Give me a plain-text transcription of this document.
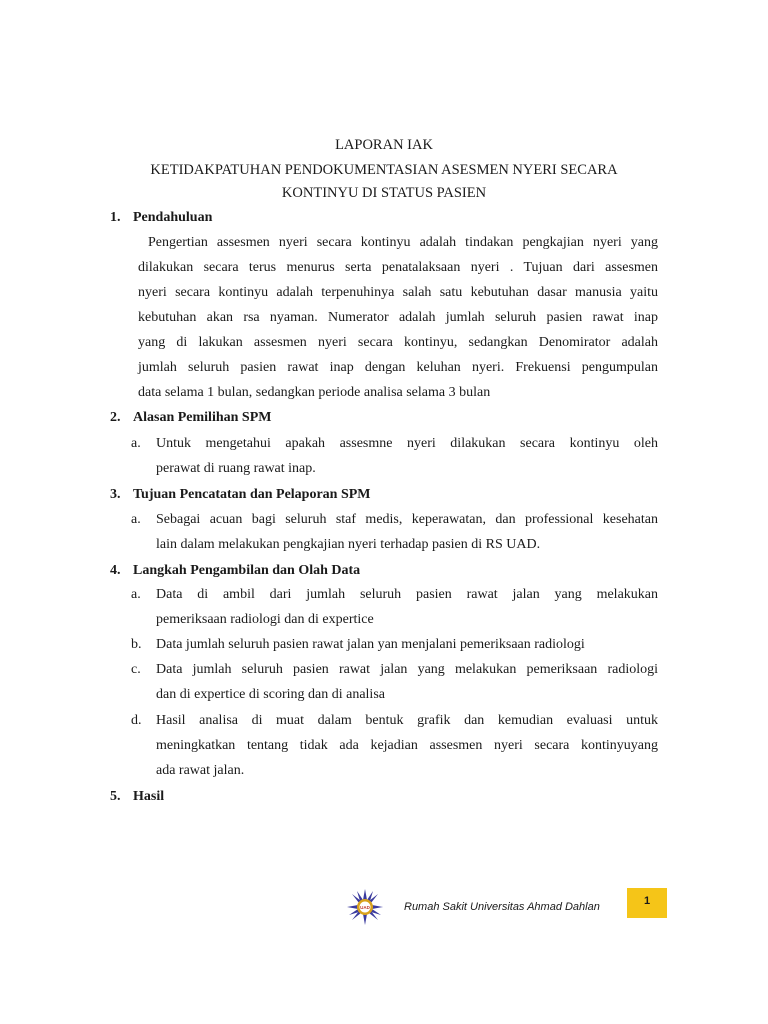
LAPORAN IAK
KETIDAKPATUHAN PENDOKUMENTASIAN ASESMEN NYERI SECARA
KONTINYU DI STATUS PASIEN
1. Pendahuluan
Pengertian assesmen nyeri secara kontinyu adalah tindakan pengkajian nyeri yang
dilakukan secara terus menurus serta penatalaksaan nyeri . Tujuan dari assesmen
nyeri secara kontinyu adalah terpenuhinya salah satu kebutuhan dasar manusia yaitu
kebutuhan akan rsa nyaman. Numerator adalah jumlah seluruh pasien rawat inap
yang di lakukan assesmen nyeri secara kontinyu, sedangkan Denomirator adalah
jumlah seluruh pasien rawat inap dengan keluhan nyeri. Frekuensi pengumpulan
data selama 1 bulan, sedangkan periode analisa selama 3 bulan
2. Alasan Pemilihan SPM
a. Untuk mengetahui apakah assesmne nyeri dilakukan secara kontinyu oleh
perawat di ruang rawat inap.
3. Tujuan Pencatatan dan Pelaporan SPM
a. Sebagai acuan bagi seluruh staf medis, keperawatan, dan professional kesehatan
lain dalam melakukan pengkajian nyeri terhadap pasien di RS UAD.
4. Langkah Pengambilan dan Olah Data
a. Data di ambil dari jumlah seluruh pasien rawat jalan yang melakukan
pemeriksaan radiologi dan di expertice
b. Data jumlah seluruh pasien rawat jalan yan menjalani pemeriksaan radiologi
c. Data jumlah seluruh pasien rawat jalan yang melakukan pemeriksaan radiologi
dan di expertice di scoring dan di analisa
d. Hasil analisa di muat dalam bentuk grafik dan kemudian evaluasi untuk
meningkatkan tentang tidak ada kejadian assesmen nyeri secara kontinyuyang
ada rawat jalan.
5. Hasil
UAD	Rumah Sakit Universitas Ahmad Dahlan	1
